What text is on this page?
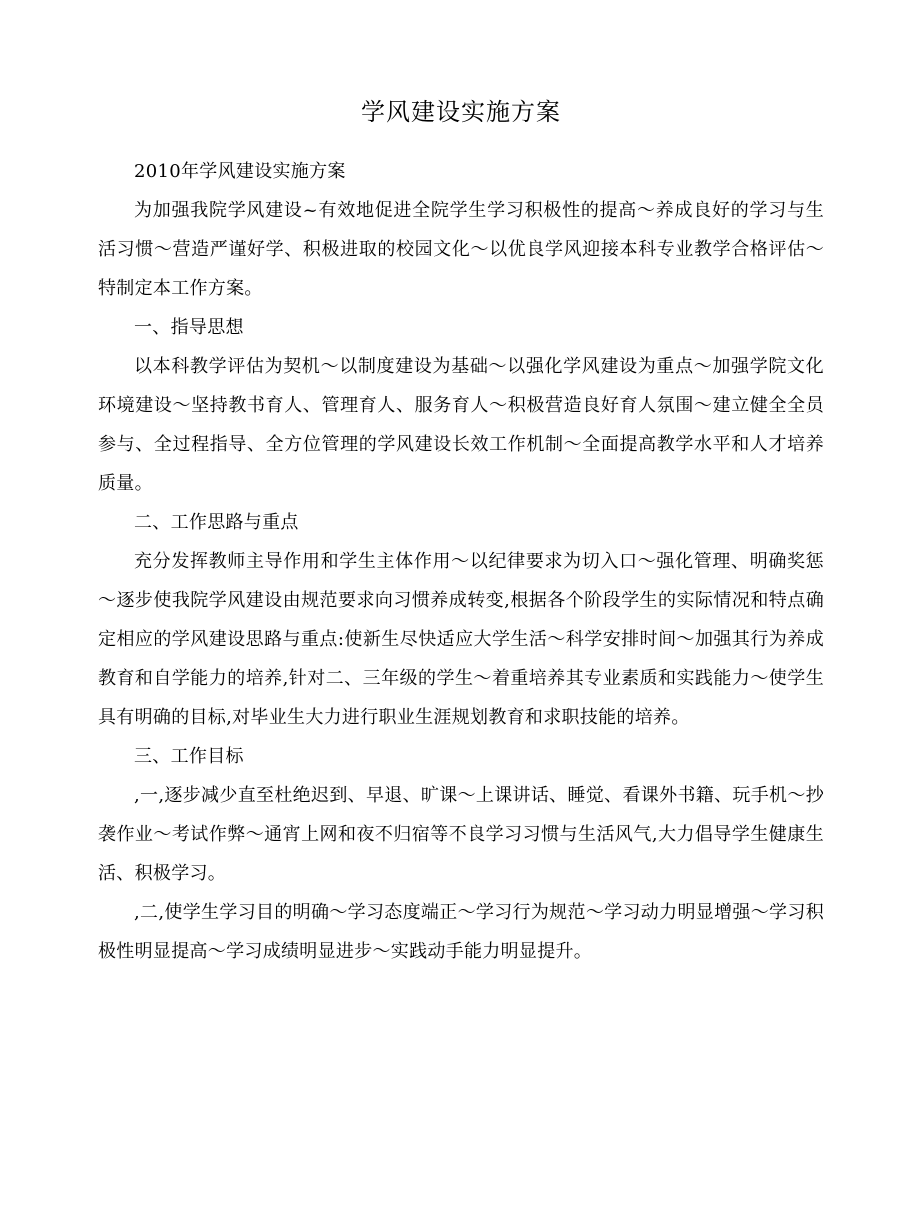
学风建设实施方案

2010年学风建设实施方案

为加强我院学风建设~有效地促进全院学生学习积极性的提高～养成良好的学习与生活习惯～营造严谨好学、积极进取的校园文化～以优良学风迎接本科专业教学合格评估～特制定本工作方案。

一、指导思想

以本科教学评估为契机～以制度建设为基础～以强化学风建设为重点～加强学院文化环境建设～坚持教书育人、管理育人、服务育人～积极营造良好育人氛围～建立健全全员参与、全过程指导、全方位管理的学风建设长效工作机制～全面提高教学水平和人才培养质量。

二、工作思路与重点

充分发挥教师主导作用和学生主体作用～以纪律要求为切入口～强化管理、明确奖惩～逐步使我院学风建设由规范要求向习惯养成转变,根据各个阶段学生的实际情况和特点确定相应的学风建设思路与重点:使新生尽快适应大学生活～科学安排时间～加强其行为养成教育和自学能力的培养,针对二、三年级的学生～着重培养其专业素质和实践能力～使学生具有明确的目标,对毕业生大力进行职业生涯规划教育和求职技能的培养。

三、工作目标

,一,逐步减少直至杜绝迟到、早退、旷课～上课讲话、睡觉、看课外书籍、玩手机～抄袭作业～考试作弊～通宵上网和夜不归宿等不良学习习惯与生活风气,大力倡导学生健康生活、积极学习。

,二,使学生学习目的明确～学习态度端正～学习行为规范～学习动力明显增强～学习积极性明显提高～学习成绩明显进步～实践动手能力明显提升。
